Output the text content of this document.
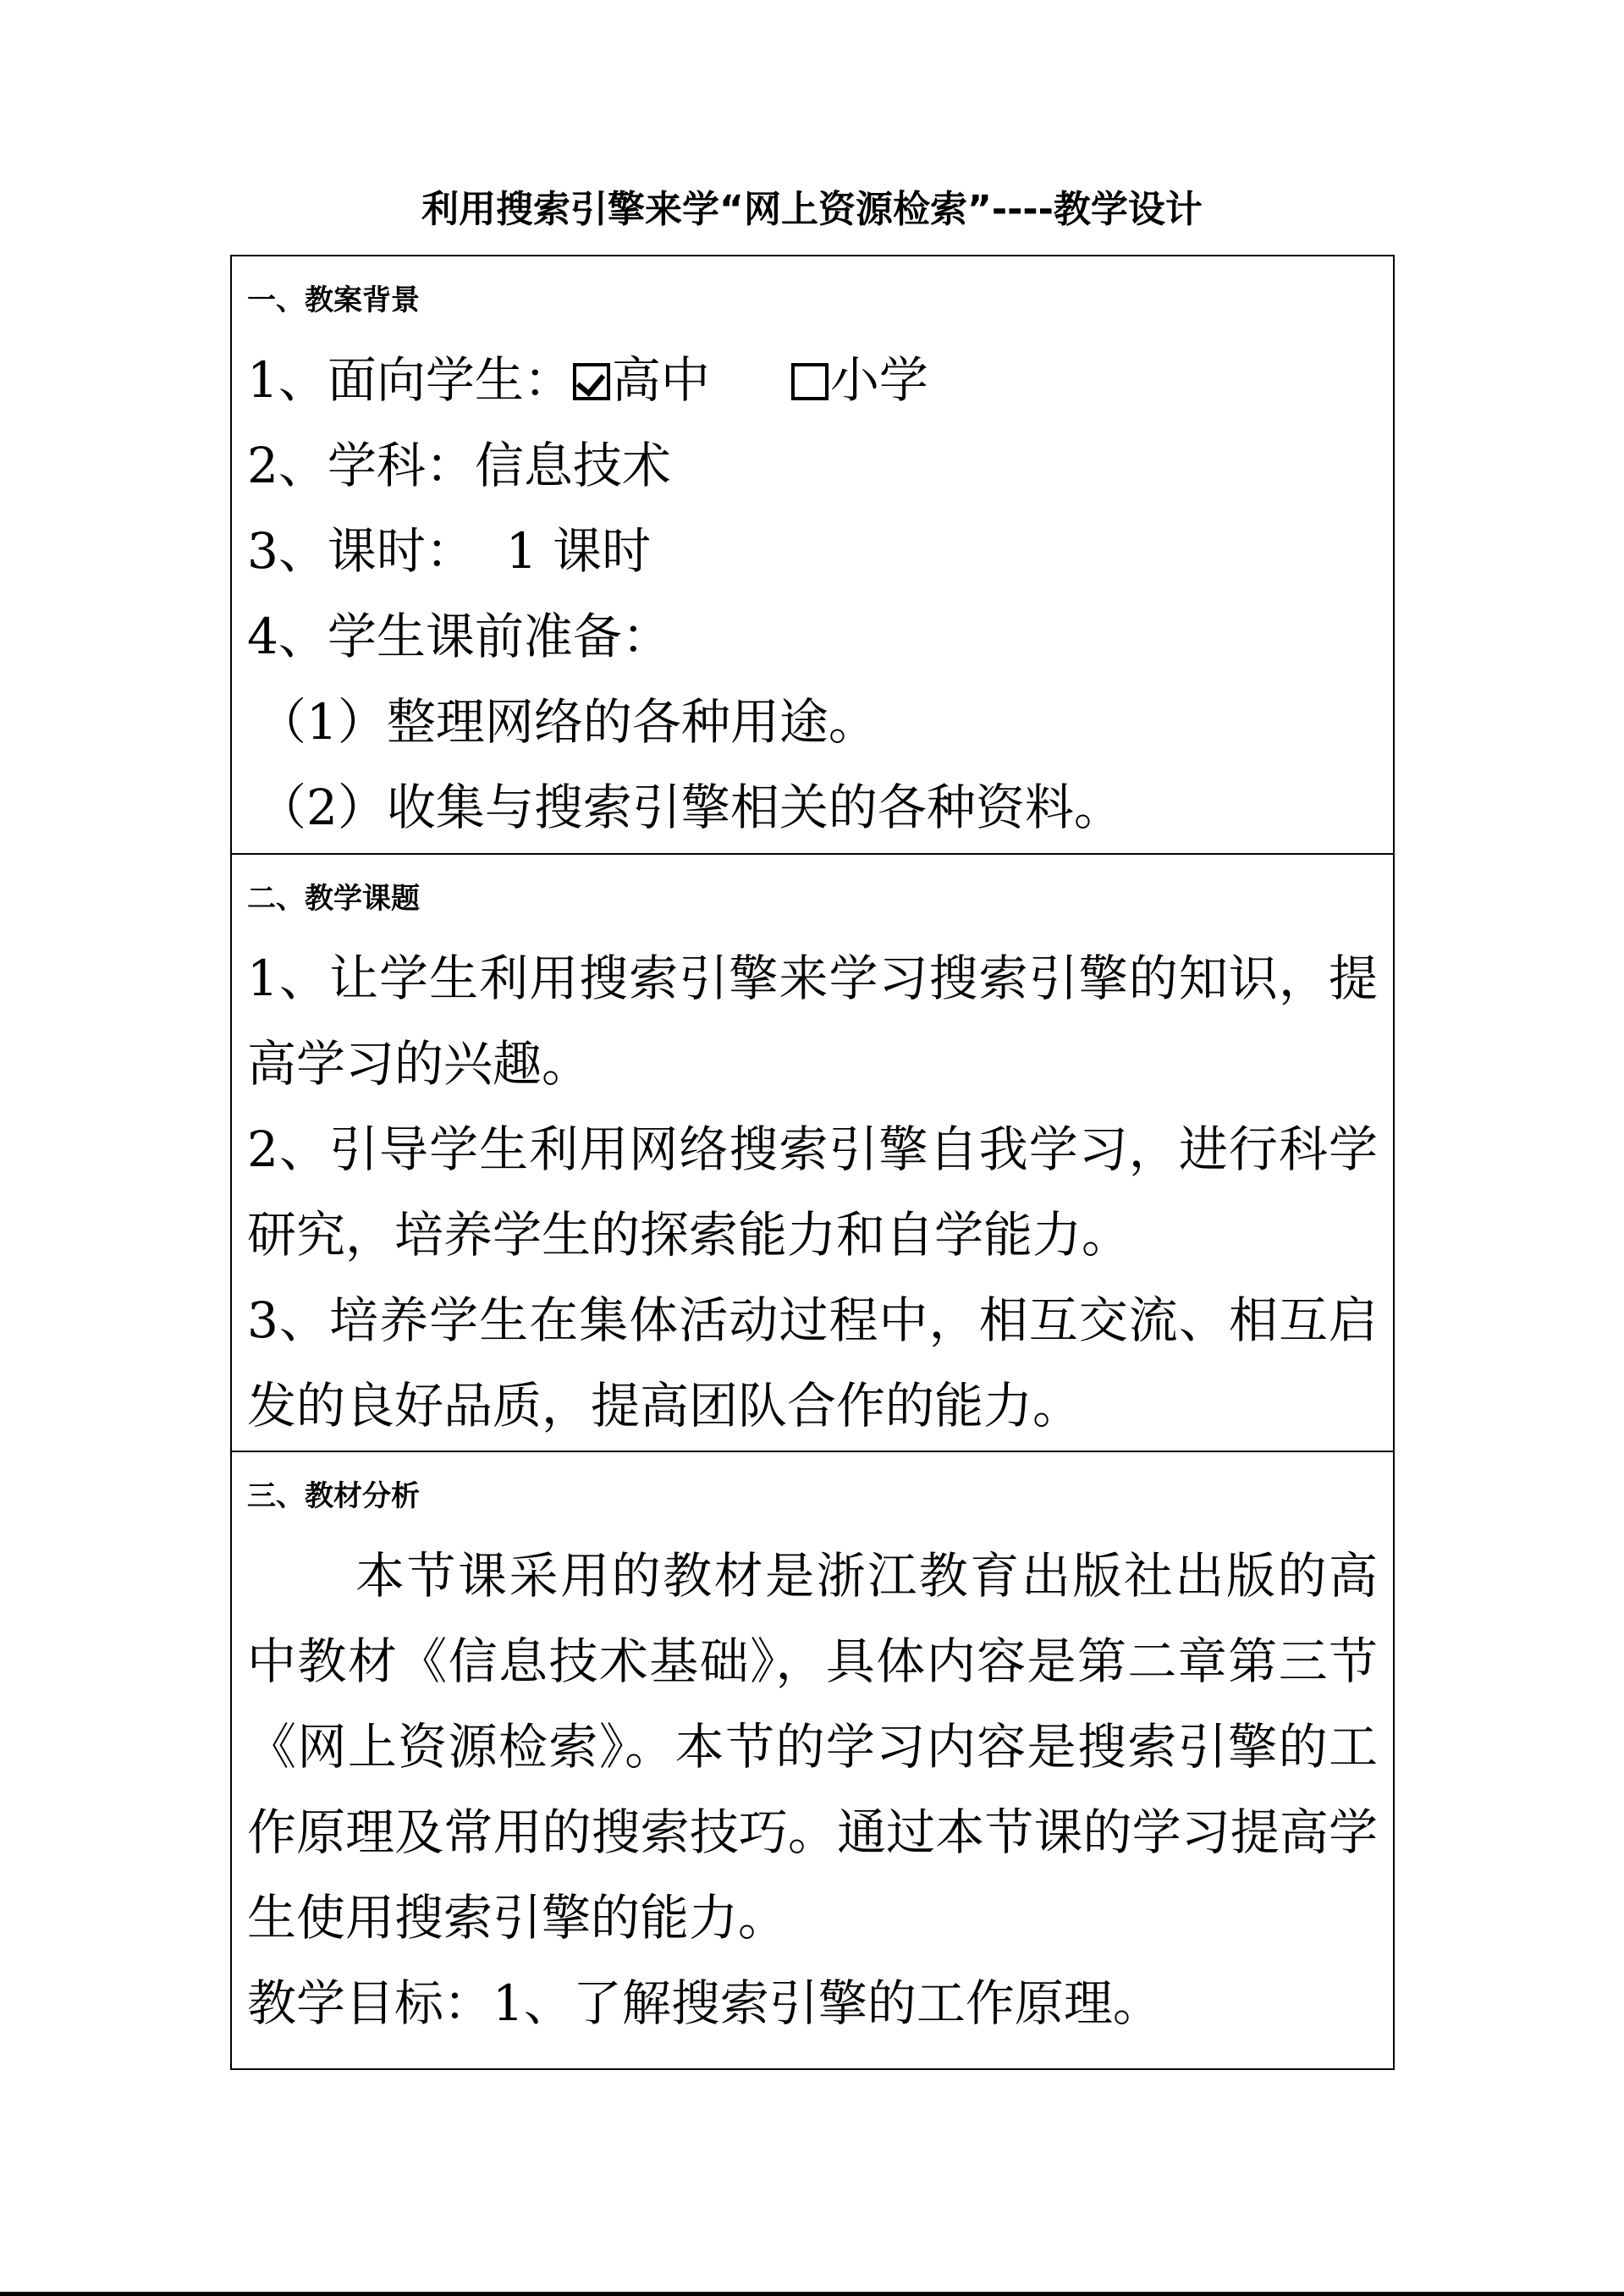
利用搜索引擎来学“网上资源检索”----教学设计
一、教案背景
1、面向学生： 高中 小学
2、学科：信息技术
3、课时：  1 课时
4、学生课前准备：
（1）整理网络的各种用途。
（2）收集与搜索引擎相关的各种资料。
二、教学课题

1、让学生利用搜索引擎来学习搜索引擎的知识，提高学习的兴趣。

2、引导学生利用网络搜索引擎自我学习，进行科学研究，培养学生的探索能力和自学能力。

3、培养学生在集体活动过程中，相互交流、相互启发的良好品质，提高团队合作的能力。

三、教材分析

本节课采用的教材是浙江教育出版社出版的高中教材《信息技术基础》，具体内容是第二章第三节《网上资源检索》。本节的学习内容是搜索引擎的工作原理及常用的搜索技巧。通过本节课的学习提高学生使用搜索引擎的能力。

教学目标：1、了解搜索引擎的工作原理。
